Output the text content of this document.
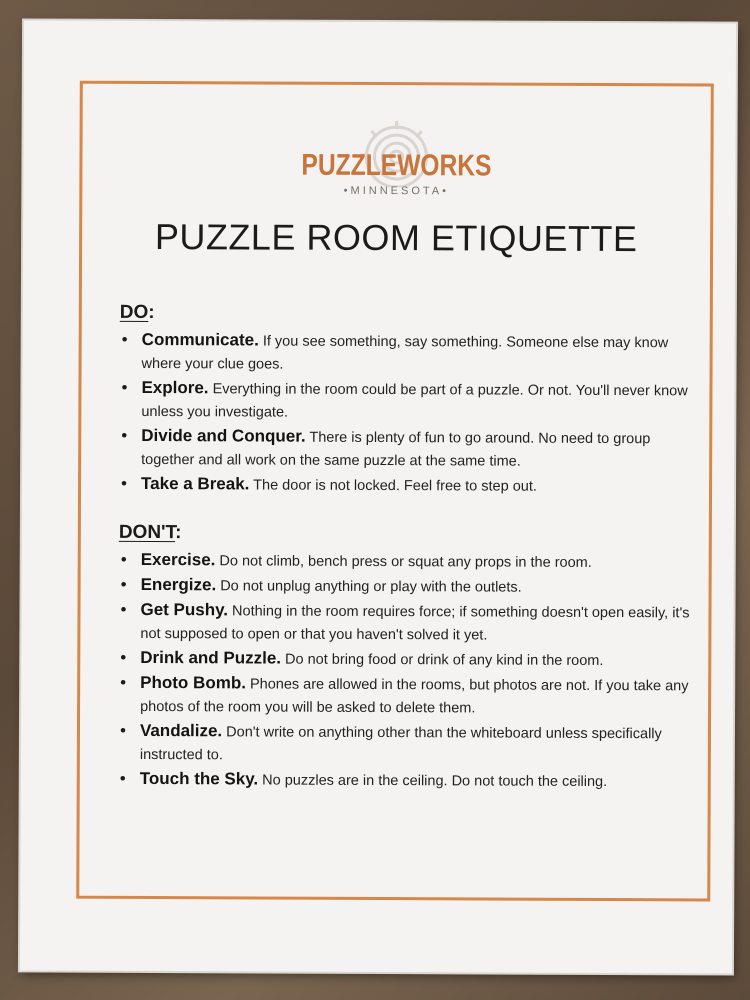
PUZZLEWORKS
•MINNESOTA•
PUZZLE ROOM ETIQUETTE
DO:
• Communicate. If you see something, say something. Someone else may know where your clue goes.
• Explore. Everything in the room could be part of a puzzle. Or not. You'll never know unless you investigate.
• Divide and Conquer. There is plenty of fun to go around. No need to group together and all work on the same puzzle at the same time.
• Take a Break. The door is not locked. Feel free to step out.
DON'T:
• Exercise. Do not climb, bench press or squat any props in the room.
• Energize. Do not unplug anything or play with the outlets.
• Get Pushy. Nothing in the room requires force; if something doesn't open easily, it's not supposed to open or that you haven't solved it yet.
• Drink and Puzzle. Do not bring food or drink of any kind in the room.
• Photo Bomb. Phones are allowed in the rooms, but photos are not. If you take any photos of the room you will be asked to delete them.
• Vandalize. Don't write on anything other than the whiteboard unless specifically instructed to.
• Touch the Sky. No puzzles are in the ceiling. Do not touch the ceiling.
